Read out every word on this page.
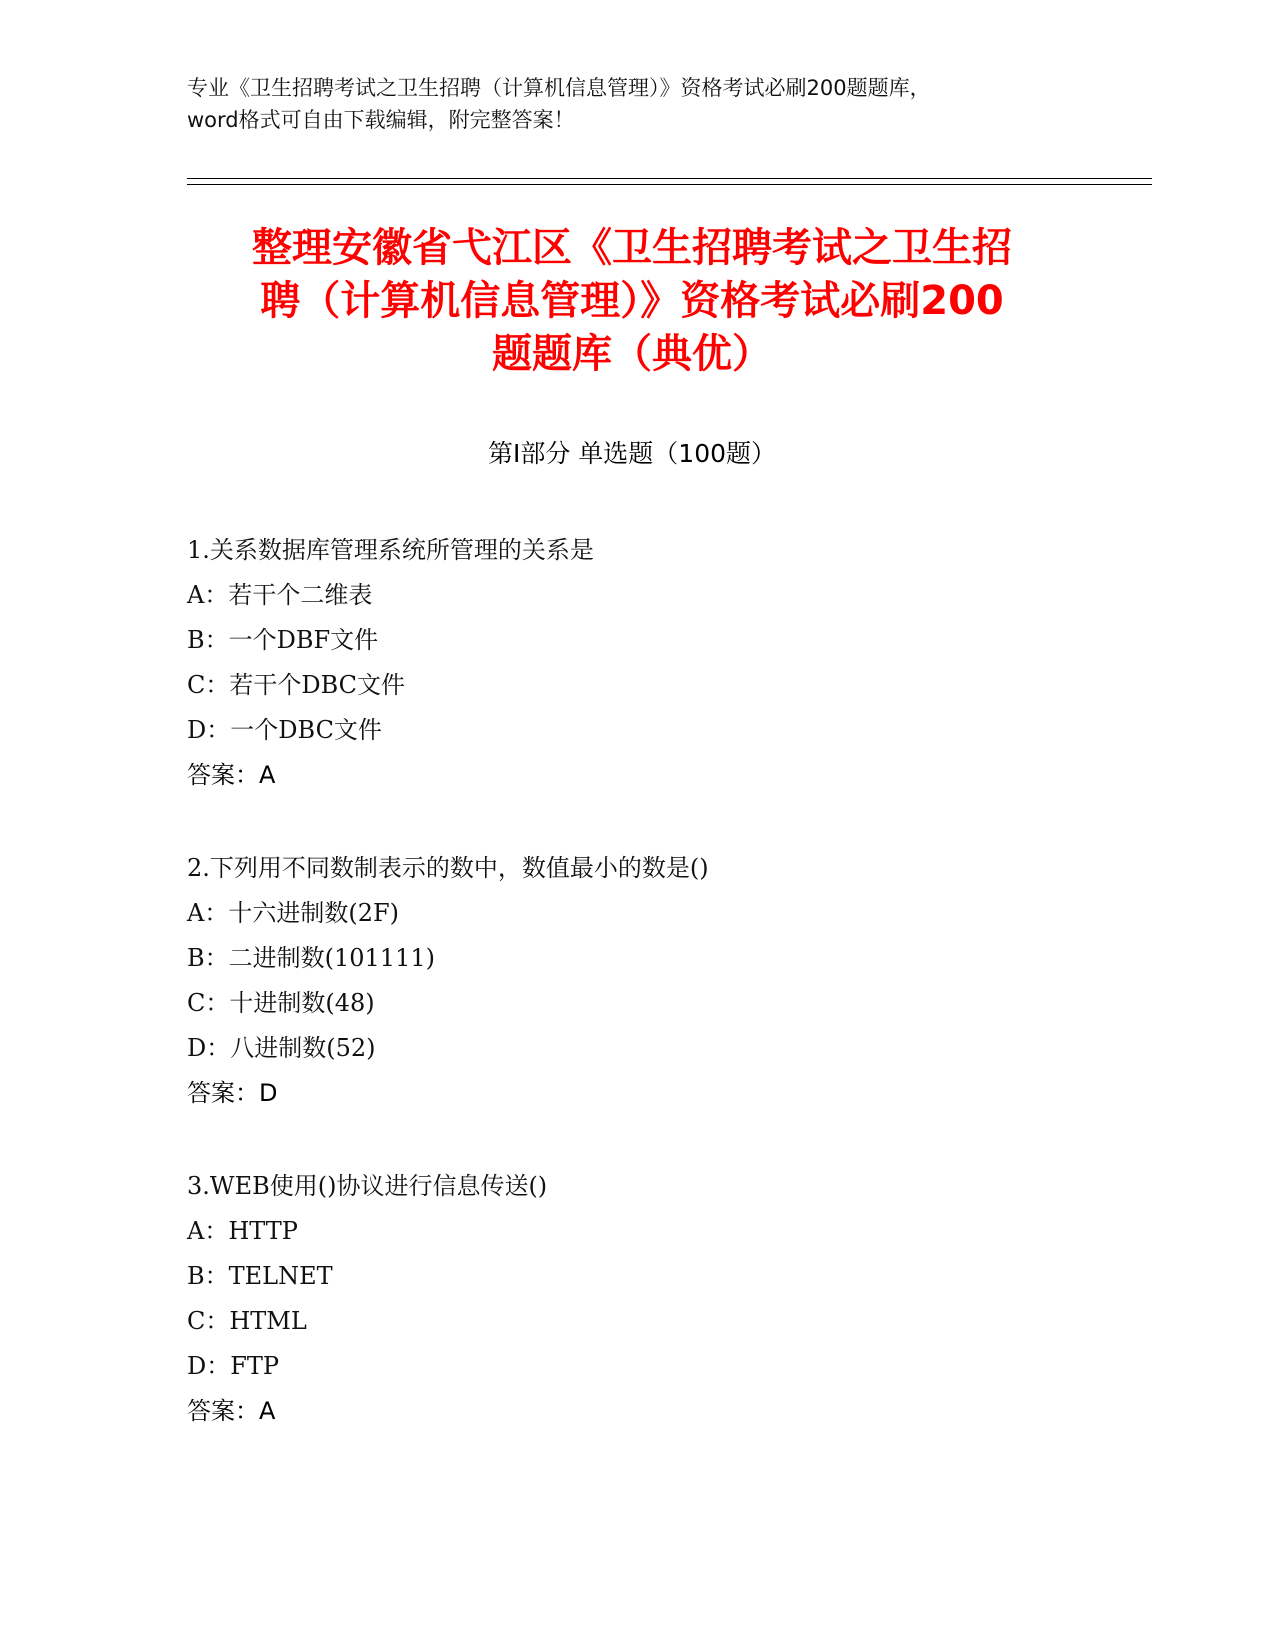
专业《卫生招聘考试之卫生招聘（计算机信息管理）》资格考试必刷200题题库，
word格式可自由下载编辑，附完整答案！
整理安徽省弋江区《卫生招聘考试之卫生招
聘（计算机信息管理）》资格考试必刷200
题题库（典优）
第I部分 单选题（100题）
1.关系数据库管理系统所管理的关系是
A：若干个二维表
B：一个DBF文件
C：若干个DBC文件
D：一个DBC文件
答案：A
2.下列用不同数制表示的数中，数值最小的数是()
A：十六进制数(2F)
B：二进制数(101111)
C：十进制数(48)
D：八进制数(52)
答案：D
3.WEB使用()协议进行信息传送()
A：HTTP
B：TELNET
C：HTML
D：FTP
答案：A
